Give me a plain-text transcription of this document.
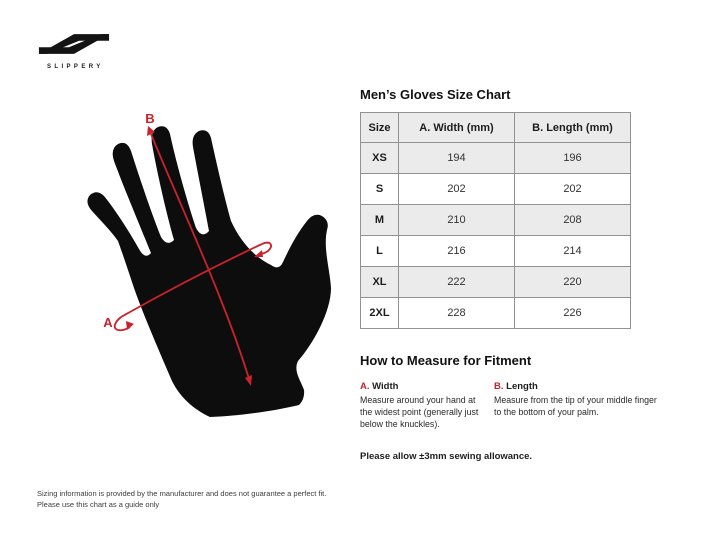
SLIPPERY
B
A
Men’s Gloves Size Chart
Size	A. Width (mm)	B. Length (mm)
XS	194	196
S	202	202
M	210	208
L	216	214
XL	222	220
2XL	228	226
How to Measure for Fitment
A. Width

Measure around your hand at the widest point (generally just below the knuckles).

B. Length

Measure from the tip of your middle finger to the bottom of your palm.

Please allow ±3mm sewing allowance.
Sizing information is provided by the manufacturer and does not guarantee a perfect fit.
Please use this chart as a guide only
